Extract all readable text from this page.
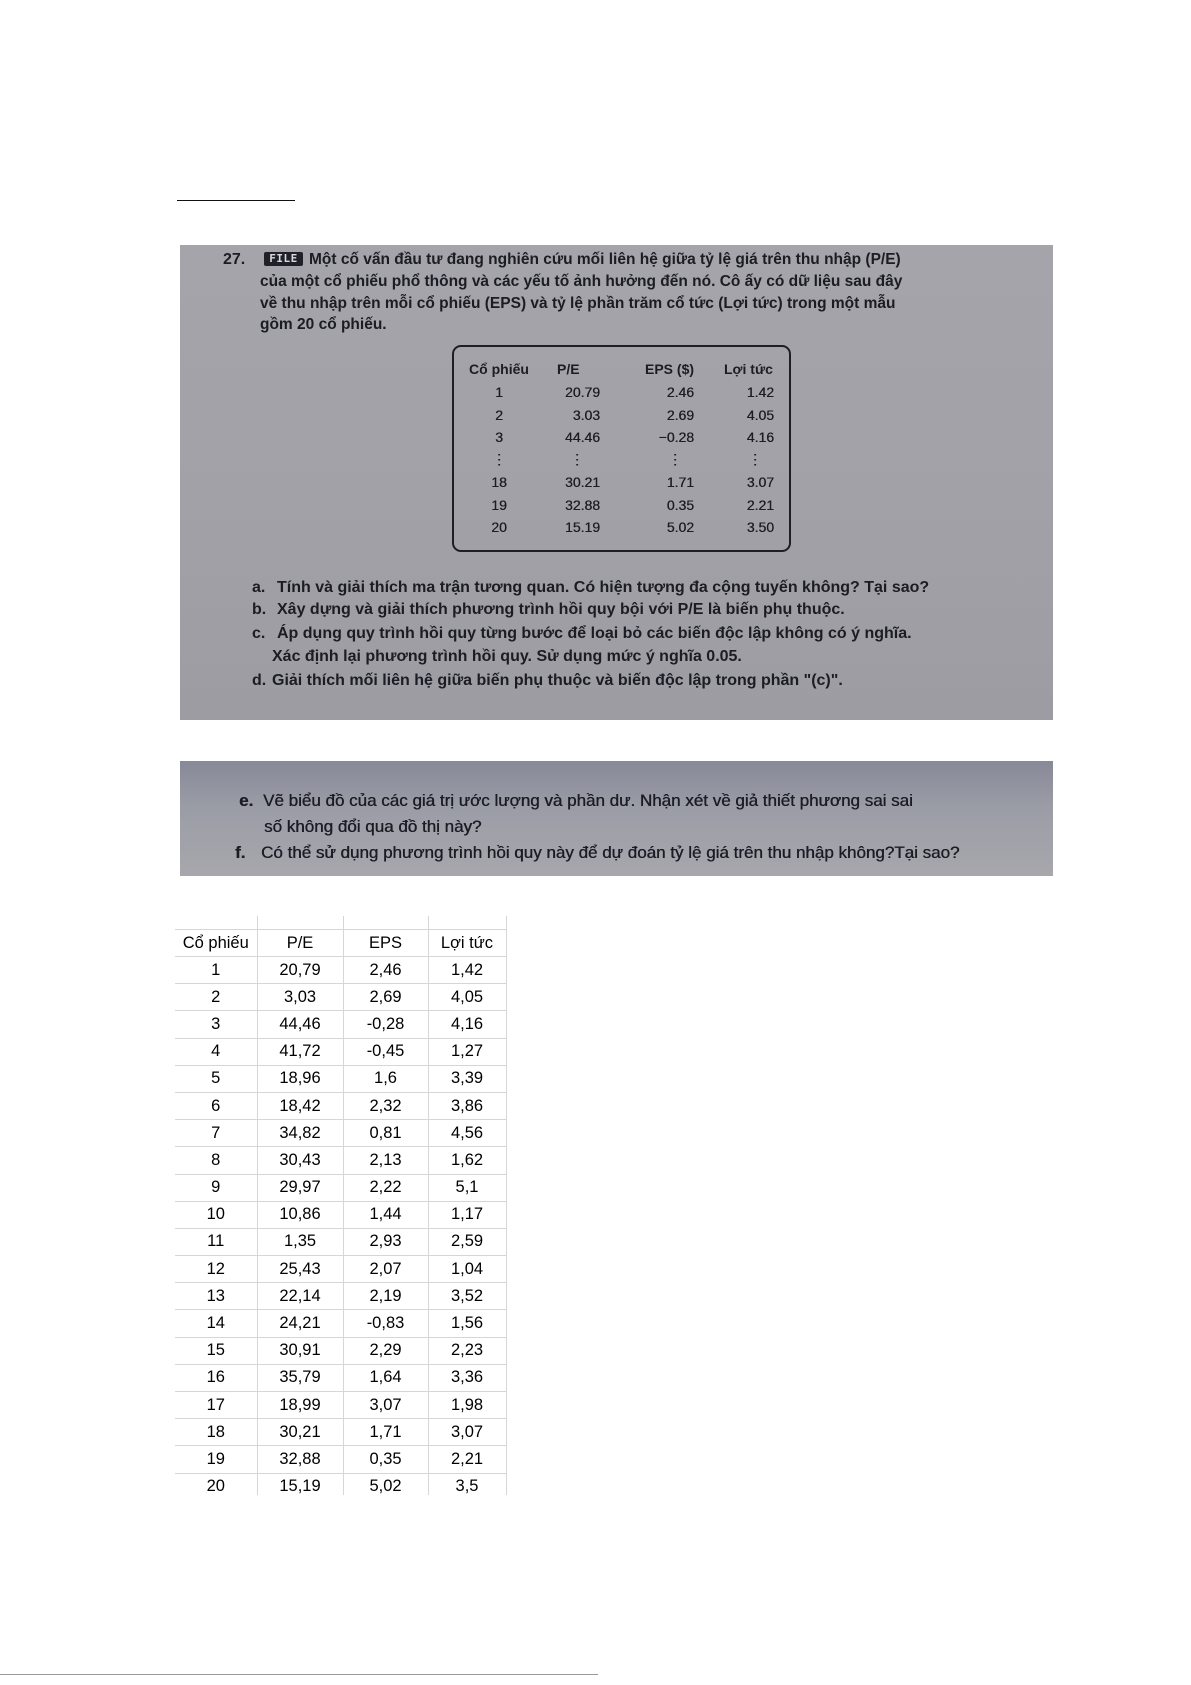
27.	FILE Một cố vấn đầu tư đang nghiên cứu mối liên hệ giữa tỷ lệ giá trên thu nhập (P/E)
của một cổ phiếu phổ thông và các yếu tố ảnh hưởng đến nó. Cô ấy có dữ liệu sau đây
về thu nhập trên mỗi cổ phiếu (EPS) và tỷ lệ phần trăm cổ tức (Lợi tức) trong một mẫu
gồm 20 cổ phiếu.
Cổ phiếu	P/E	EPS ($)	Lợi tức
1	20.79	2.46	1.42
2	3.03	2.69	4.05
3	44.46	−0.28	4.16
⋮	⋮	⋮	⋮
18	30.21	1.71	3.07
19	32.88	0.35	2.21
20	15.19	5.02	3.50
a. Tính và giải thích ma trận tương quan. Có hiện tượng đa cộng tuyến không? Tại sao?
b. Xây dựng và giải thích phương trình hồi quy bội với P/E là biến phụ thuộc.
c. Áp dụng quy trình hồi quy từng bước để loại bỏ các biến độc lập không có ý nghĩa.
Xác định lại phương trình hồi quy. Sử dụng mức ý nghĩa 0.05.
d. Giải thích mối liên hệ giữa biến phụ thuộc và biến độc lập trong phần "(c)".
e. Vẽ biểu đồ của các giá trị ước lượng và phần dư. Nhận xét về giả thiết phương sai sai
số không đổi qua đồ thị này?
f. Có thể sử dụng phương trình hồi quy này để dự đoán tỷ lệ giá trên thu nhập không?Tại sao?

Cổ phiếu	P/E	EPS	Lợi tức
1	20,79	2,46	1,42
2	3,03	2,69	4,05
3	44,46	-0,28	4,16
4	41,72	-0,45	1,27
5	18,96	1,6	3,39
6	18,42	2,32	3,86
7	34,82	0,81	4,56
8	30,43	2,13	1,62
9	29,97	2,22	5,1
10	10,86	1,44	1,17
11	1,35	2,93	2,59
12	25,43	2,07	1,04
13	22,14	2,19	3,52
14	24,21	-0,83	1,56
15	30,91	2,29	2,23
16	35,79	1,64	3,36
17	18,99	3,07	1,98
18	30,21	1,71	3,07
19	32,88	0,35	2,21
20	15,19	5,02	3,5
